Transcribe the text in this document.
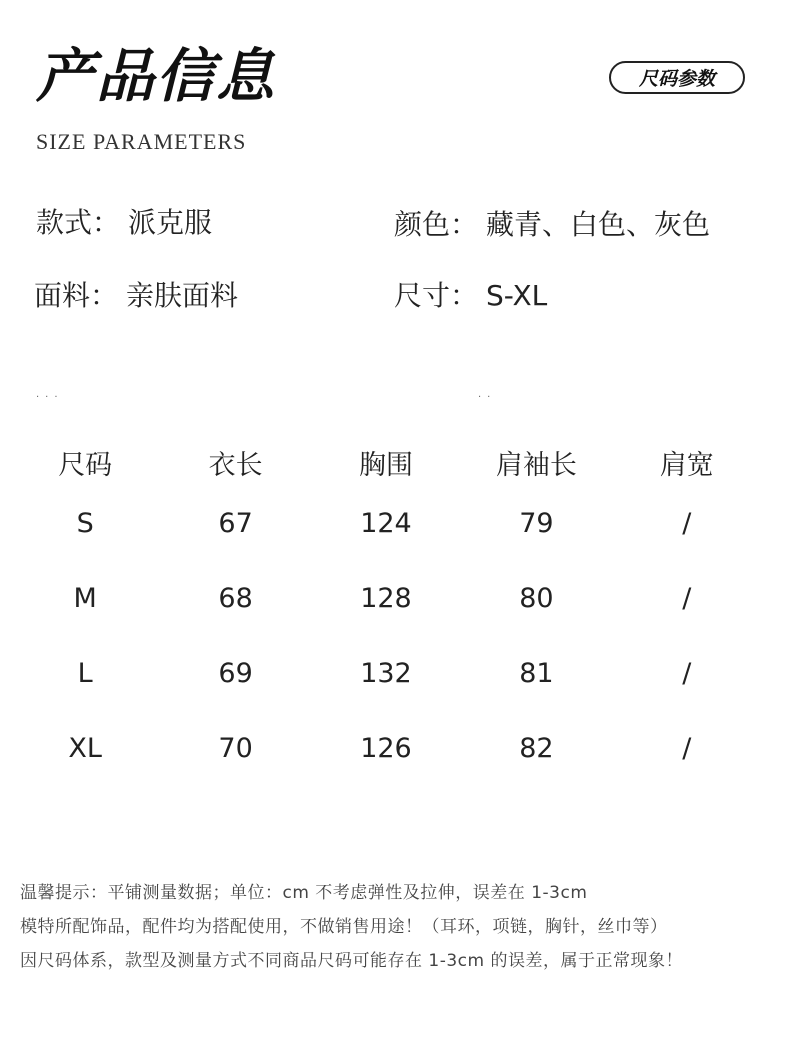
产品信息
SIZE PARAMETERS
尺码参数
款式： 派克服	颜色： 藏青、白色、灰色
面料： 亲肤面料	尺寸： S-XL
···	··
尺码	衣长	胸围	肩袖长	肩宽
S	67	124	79	/
M	68	128	80	/
L	69	132	81	/
XL	70	126	82	/
温馨提示：平铺测量数据；单位：cm 不考虑弹性及拉伸，误差在 1-3cm
模特所配饰品，配件均为搭配使用，不做销售用途！（耳环，项链，胸针，丝巾等）
因尺码体系，款型及测量方式不同商品尺码可能存在 1-3cm 的误差，属于正常现象！
